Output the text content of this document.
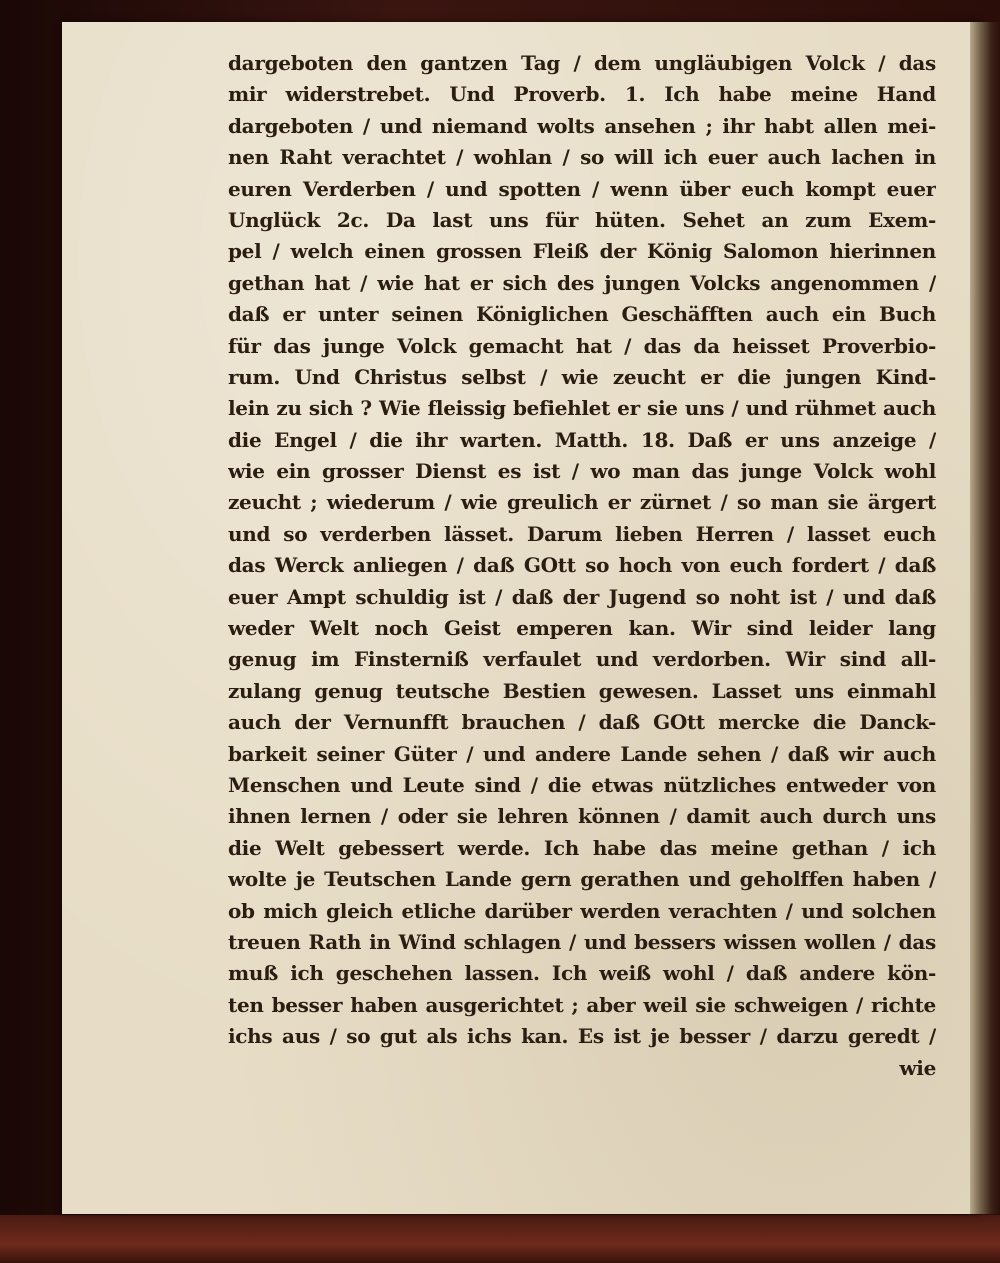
dargeboten den gantzen Tag / dem ungläubigen Volck / das
mir widerstrebet. Und Proverb. 1. Ich habe meine Hand
dargeboten / und niemand wolts ansehen ; ihr habt allen mei-
nen Raht verachtet / wohlan / so will ich euer auch lachen in
euren Verderben / und spotten / wenn über euch kompt euer
Unglück 2c. Da last uns für hüten. Sehet an zum Exem-
pel / welch einen grossen Fleiß der König Salomon hierinnen
gethan hat / wie hat er sich des jungen Volcks angenommen /
daß er unter seinen Königlichen Geschäfften auch ein Buch
für das junge Volck gemacht hat / das da heisset Proverbio-
rum. Und Christus selbst / wie zeucht er die jungen Kind-
lein zu sich ? Wie fleissig befiehlet er sie uns / und rühmet auch
die Engel / die ihr warten. Matth. 18. Daß er uns anzeige /
wie ein grosser Dienst es ist / wo man das junge Volck wohl
zeucht ; wiederum / wie greulich er zürnet / so man sie ärgert
und so verderben lässet. Darum lieben Herren / lasset euch
das Werck anliegen / daß GOtt so hoch von euch fordert / daß
euer Ampt schuldig ist / daß der Jugend so noht ist / und daß
weder Welt noch Geist emperen kan. Wir sind leider lang
genug im Finsterniß verfaulet und verdorben. Wir sind all-
zulang genug teutsche Bestien gewesen. Lasset uns einmahl
auch der Vernunfft brauchen / daß GOtt mercke die Danck-
barkeit seiner Güter / und andere Lande sehen / daß wir auch
Menschen und Leute sind / die etwas nützliches entweder von
ihnen lernen / oder sie lehren können / damit auch durch uns
die Welt gebessert werde. Ich habe das meine gethan / ich
wolte je Teutschen Lande gern gerathen und geholffen haben /
ob mich gleich etliche darüber werden verachten / und solchen
treuen Rath in Wind schlagen / und bessers wissen wollen / das
muß ich geschehen lassen. Ich weiß wohl / daß andere kön-
ten besser haben ausgerichtet ; aber weil sie schweigen / richte
ichs aus / so gut als ichs kan. Es ist je besser / darzu geredt /
wie
